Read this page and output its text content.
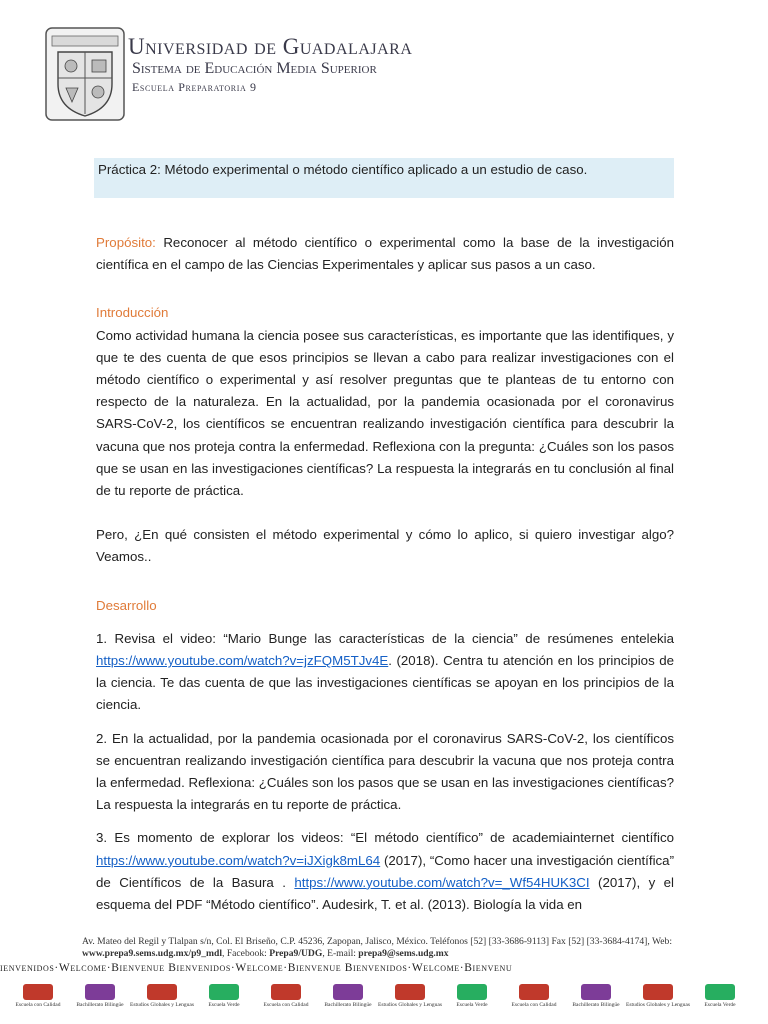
Universidad de Guadalajara
Sistema de Educación Media Superior
Escuela Preparatoria 9
Práctica 2: Método experimental o método científico aplicado a un estudio de caso.

Propósito: Reconocer al método científico o experimental como la base de la investigación científica en el campo de las Ciencias Experimentales y aplicar sus pasos a un caso.

Introducción

Como actividad humana la ciencia posee sus características, es importante que las identifiques, y que te des cuenta de que esos principios se llevan a cabo para realizar investigaciones con el método científico o experimental y así resolver preguntas que te planteas de tu entorno con respecto de la naturaleza. En la actualidad, por la pandemia ocasionada por el coronavirus SARS-CoV-2, los científicos se encuentran realizando investigación científica para descubrir la vacuna que nos proteja contra la enfermedad. Reflexiona con la pregunta: ¿Cuáles son los pasos que se usan en las investigaciones científicas? La respuesta la integrarás en tu conclusión al final de tu reporte de práctica.

Pero, ¿En qué consisten el método experimental y cómo lo aplico, si quiero investigar algo? Veamos..

Desarrollo

1. Revisa el video: “Mario Bunge las características de la ciencia” de resúmenes entelekia https://www.youtube.com/watch?v=jzFQM5TJv4E. (2018). Centra tu atención en los principios de la ciencia. Te das cuenta de que las investigaciones científicas se apoyan en los principios de la ciencia.

2. En la actualidad, por la pandemia ocasionada por el coronavirus SARS-CoV-2, los científicos se encuentran realizando investigación científica para descubrir la vacuna que nos proteja contra la enfermedad. Reflexiona: ¿Cuáles son los pasos que se usan en las investigaciones científicas? La respuesta la integrarás en tu reporte de práctica.

3. Es momento de explorar los videos: “El método científico” de academiainternet científico https://www.youtube.com/watch?v=iJXigk8mL64 (2017), “Como hacer una investigación científica” de Científicos de la Basura . https://www.youtube.com/watch?v=_Wf54HUK3CI (2017), y el esquema del PDF “Método científico”. Audesirk, T. et al. (2013). Biología la vida en

Av. Mateo del Regil y Tlalpan s/n, Col. El Briseño, C.P. 45236, Zapopan, Jalisco, México. Teléfonos [52] [33-3686-9113] Fax [52] [33-3684-4174], Web: www.prepa9.sems.udg.mx/p9_mdl, Facebook: Prepa9/UDG, E-mail: prepa9@sems.udg.mx
ienvenidos·Welcome·Bienvenue Bienvenidos·Welcome·Bienvenue Bienvenidos·Welcome·Bienvenu
Escuela con Calidad	Bachillerato Bilingüe Estudios Globales y Lenguas	Escuela Verde	Escuela con Calidad	Bachillerato Bilingüe Estudios Globales y Lenguas	Escuela Verde	Escuela con Calidad	Bachillerato Bilingüe Estudios Globales y Lenguas	Escuela Verde
